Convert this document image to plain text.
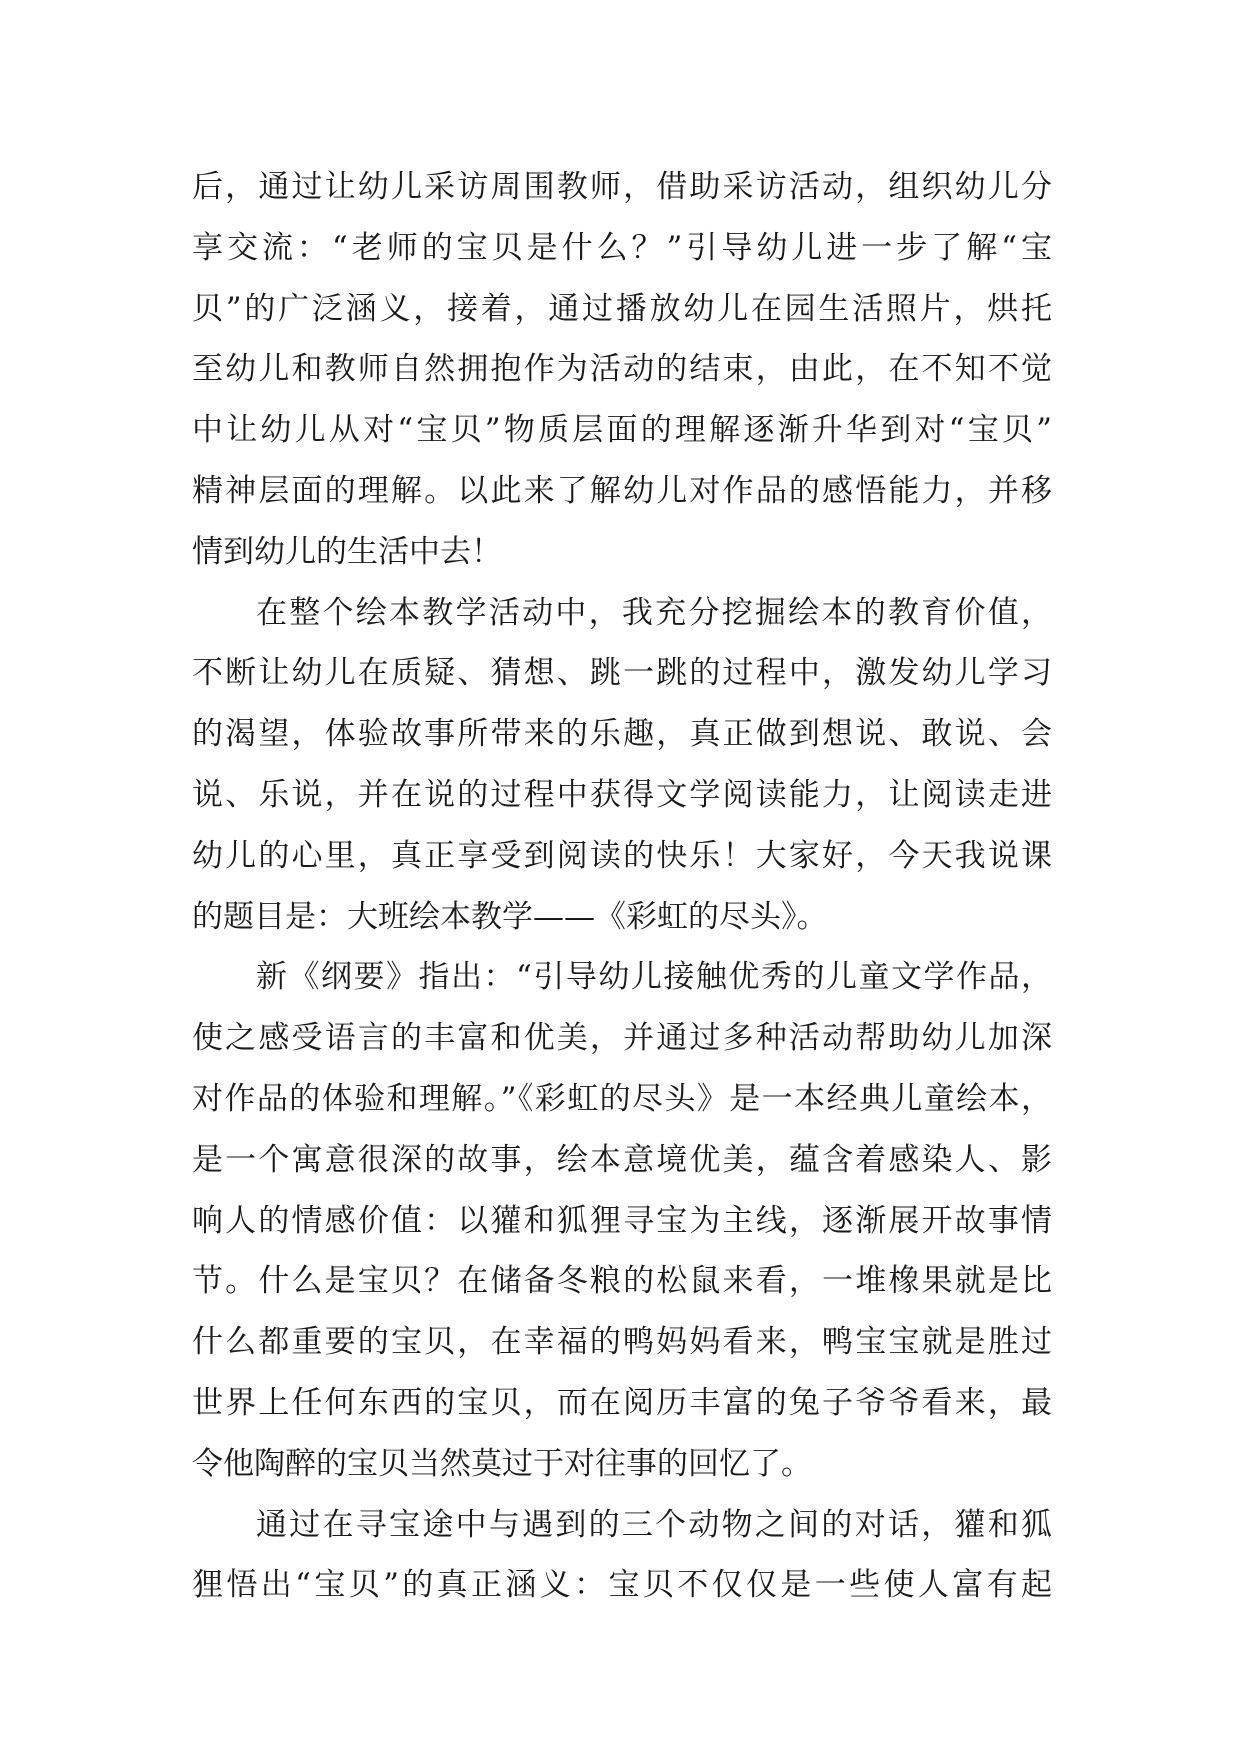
后，通过让幼儿采访周围教师，借助采访活动，组织幼儿分
享交流：“老师的宝贝是什么？”引导幼儿进一步了解“宝
贝”的广泛涵义，接着，通过播放幼儿在园生活照片，烘托
至幼儿和教师自然拥抱作为活动的结束，由此，在不知不觉
中让幼儿从对“宝贝”物质层面的理解逐渐升华到对“宝贝”
精神层面的理解。以此来了解幼儿对作品的感悟能力，并移
情到幼儿的生活中去！
在整个绘本教学活动中，我充分挖掘绘本的教育价值，
不断让幼儿在质疑、猜想、跳一跳的过程中，激发幼儿学习
的渴望，体验故事所带来的乐趣，真正做到想说、敢说、会
说、乐说，并在说的过程中获得文学阅读能力，让阅读走进
幼儿的心里，真正享受到阅读的快乐！大家好，今天我说课
的题目是：大班绘本教学——《彩虹的尽头》。
新《纲要》指出：“引导幼儿接触优秀的儿童文学作品，
使之感受语言的丰富和优美，并通过多种活动帮助幼儿加深
对作品的体验和理解。”《彩虹的尽头》是一本经典儿童绘本，
是一个寓意很深的故事，绘本意境优美，蕴含着感染人、影
响人的情感价值：以獾和狐狸寻宝为主线，逐渐展开故事情
节。什么是宝贝？在储备冬粮的松鼠来看，一堆橡果就是比
什么都重要的宝贝，在幸福的鸭妈妈看来，鸭宝宝就是胜过
世界上任何东西的宝贝，而在阅历丰富的兔子爷爷看来，最
令他陶醉的宝贝当然莫过于对往事的回忆了。
通过在寻宝途中与遇到的三个动物之间的对话，獾和狐
狸悟出“宝贝”的真正涵义：宝贝不仅仅是一些使人富有起
